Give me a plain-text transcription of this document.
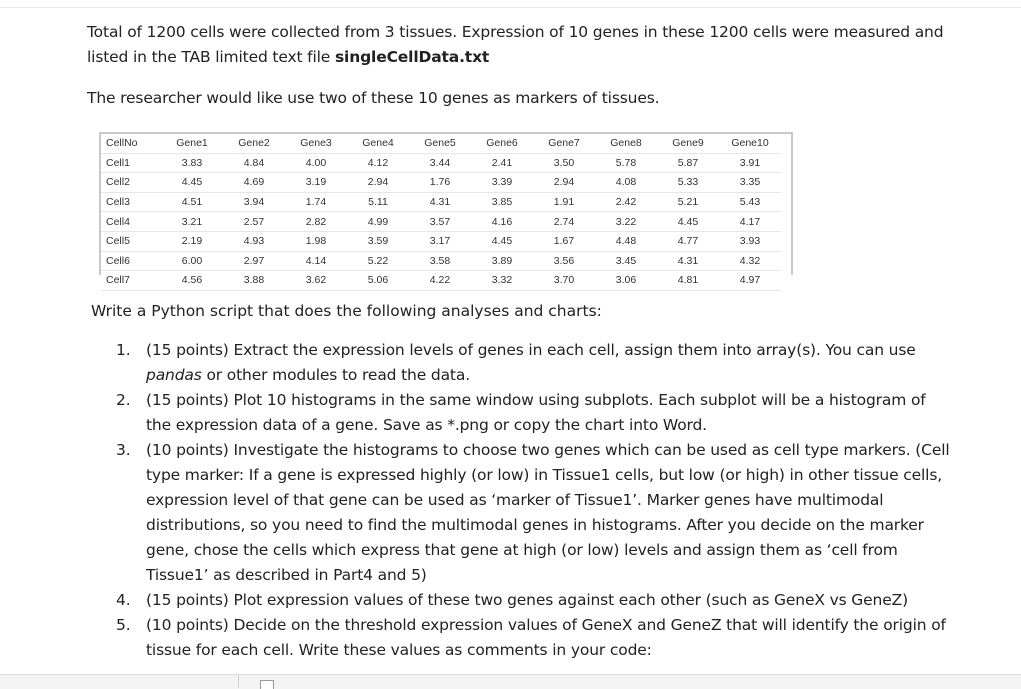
Total of 1200 cells were collected from 3 tissues. Expression of 10 genes in these 1200 cells were measured and listed in the TAB limited text file singleCellData.txt
The researcher would like use two of these 10 genes as markers of tissues.
CellNo	Gene1	Gene2	Gene3	Gene4	Gene5	Gene6	Gene7	Gene8	Gene9	Gene10
Cell1	3.83	4.84	4.00	4.12	3.44	2.41	3.50	5.78	5.87	3.91
Cell2	4.45	4.69	3.19	2.94	1.76	3.39	2.94	4.08	5.33	3.35
Cell3	4.51	3.94	1.74	5.11	4.31	3.85	1.91	2.42	5.21	5.43
Cell4	3.21	2.57	2.82	4.99	3.57	4.16	2.74	3.22	4.45	4.17
Cell5	2.19	4.93	1.98	3.59	3.17	4.45	1.67	4.48	4.77	3.93
Cell6	6.00	2.97	4.14	5.22	3.58	3.89	3.56	3.45	4.31	4.32
Cell7	4.56	3.88	3.62	5.06	4.22	3.32	3.70	3.06	4.81	4.97
Write a Python script that does the following analyses and charts:
1. (15 points) Extract the expression levels of genes in each cell, assign them into array(s). You can use pandas or other modules to read the data.
2. (15 points) Plot 10 histograms in the same window using subplots. Each subplot will be a histogram of the expression data of a gene. Save as *.png or copy the chart into Word.
3. (10 points) Investigate the histograms to choose two genes which can be used as cell type markers. (Cell type marker: If a gene is expressed highly (or low) in Tissue1 cells, but low (or high) in other tissue cells, expression level of that gene can be used as ‘marker of Tissue1’. Marker genes have multimodal distributions, so you need to find the multimodal genes in histograms. After you decide on the marker gene, chose the cells which express that gene at high (or low) levels and assign them as ‘cell from Tissue1’ as described in Part4 and 5)
4. (15 points) Plot expression values of these two genes against each other (such as GeneX vs GeneZ)
5. (10 points) Decide on the threshold expression values of GeneX and GeneZ that will identify the origin of tissue for each cell. Write these values as comments in your code:
